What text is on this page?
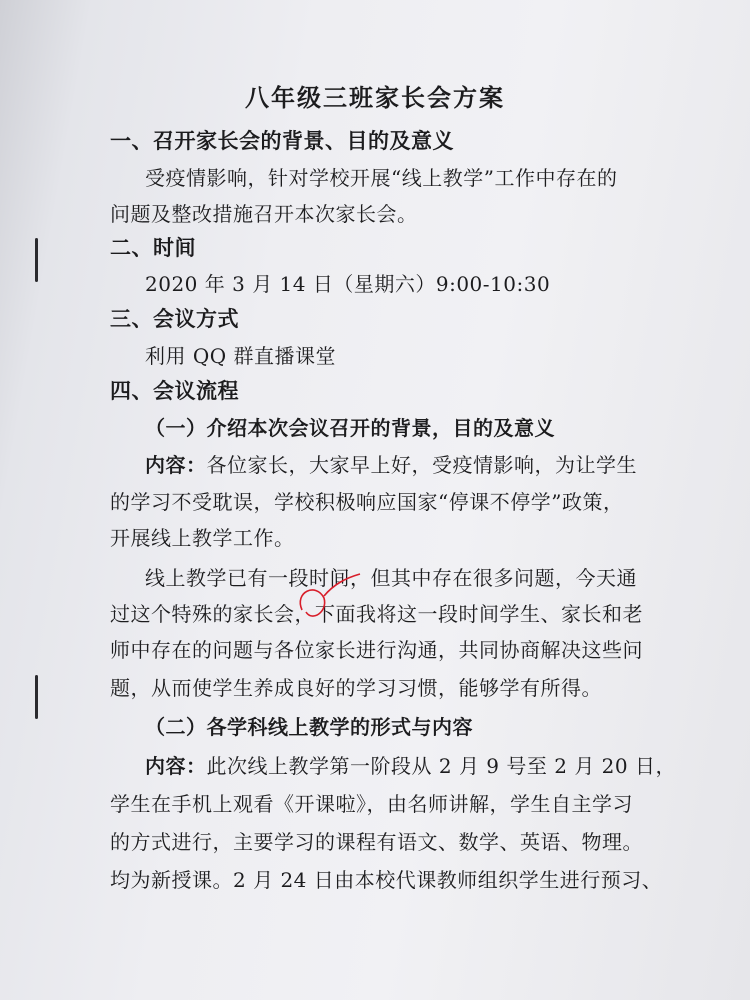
八年级三班家长会方案
一、召开家长会的背景、目的及意义
受疫情影响，针对学校开展“线上教学”工作中存在的
问题及整改措施召开本次家长会。
二、时间
2020 年 3 月 14 日（星期六）9:00-10:30
三、会议方式
利用 QQ 群直播课堂
四、会议流程
（一）介绍本次会议召开的背景，目的及意义
内容：各位家长，大家早上好，受疫情影响，为让学生
的学习不受耽误，学校积极响应国家“停课不停学”政策，
开展线上教学工作。
线上教学已有一段时间，但其中存在很多问题，今天通
过这个特殊的家长会，下面我将这一段时间学生、家长和老
师中存在的问题与各位家长进行沟通，共同协商解决这些问
题，从而使学生养成良好的学习习惯，能够学有所得。
（二）各学科线上教学的形式与内容
内容：此次线上教学第一阶段从 2 月 9 号至 2 月 20 日，
学生在手机上观看《开课啦》，由名师讲解，学生自主学习
的方式进行，主要学习的课程有语文、数学、英语、物理。
均为新授课。2 月 24 日由本校代课教师组织学生进行预习、
